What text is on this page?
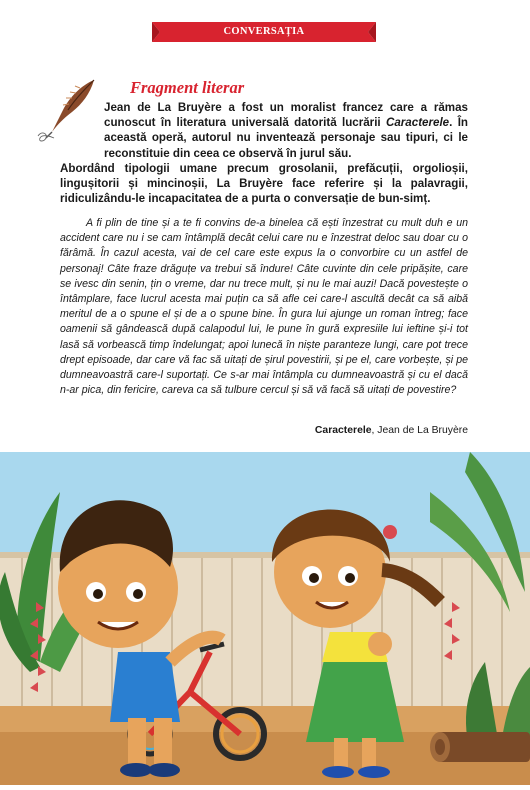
CONVERSAȚIA
Fragment literar

Jean de La Bruyère a fost un moralist francez care a rămas cunoscut în literatura universală datorită lucrării Caracterele. În această operă, autorul nu inventează personaje sau tipuri, ci le reconstituie din ceea ce observă în jurul său.

Abordând tipologii umane precum grosolanii, prefăcuții, orgolioșii, lingușitorii și mincinoșii, La Bruyère face referire și la palavragii, ridiculizându-le incapacitatea de a purta o conversație de bun-simț.

A fi plin de tine și a te fi convins de-a binelea că ești înzestrat cu mult duh e un accident care nu i se cam întâmplă decât celui care nu e înzestrat deloc sau doar cu o fărâmă. În cazul acesta, vai de cel care este expus la o convorbire cu un astfel de personaj! Câte fraze drăguțe va trebui să îndure! Câte cuvinte din cele pripășite, care se ivesc din senin, țin o vreme, dar nu trece mult, și nu le mai auzi! Dacă povestește o întâmplare, face lucrul acesta mai puțin ca să afle cei care-l ascultă decât ca să aibă meritul de a o spune el și de a o spune bine. În gura lui ajunge un roman întreg; face oamenii să gândească după calapodul lui, le pune în gură expresiile lui ieftine și-i tot lasă să vorbească timp îndelungat; apoi lunecă în niște paranteze lungi, care pot trece drept episoade, dar care vă fac să uitați de șirul povestirii, și pe el, care vorbește, și pe dumneavoastră care-l suportați. Ce s-ar mai întâmpla cu dumneavoastră și cu el dacă n-ar pica, din fericire, careva ca să tulbure cercul și să vă facă să uitați de povestire?

Caracterele, Jean de La Bruyère
